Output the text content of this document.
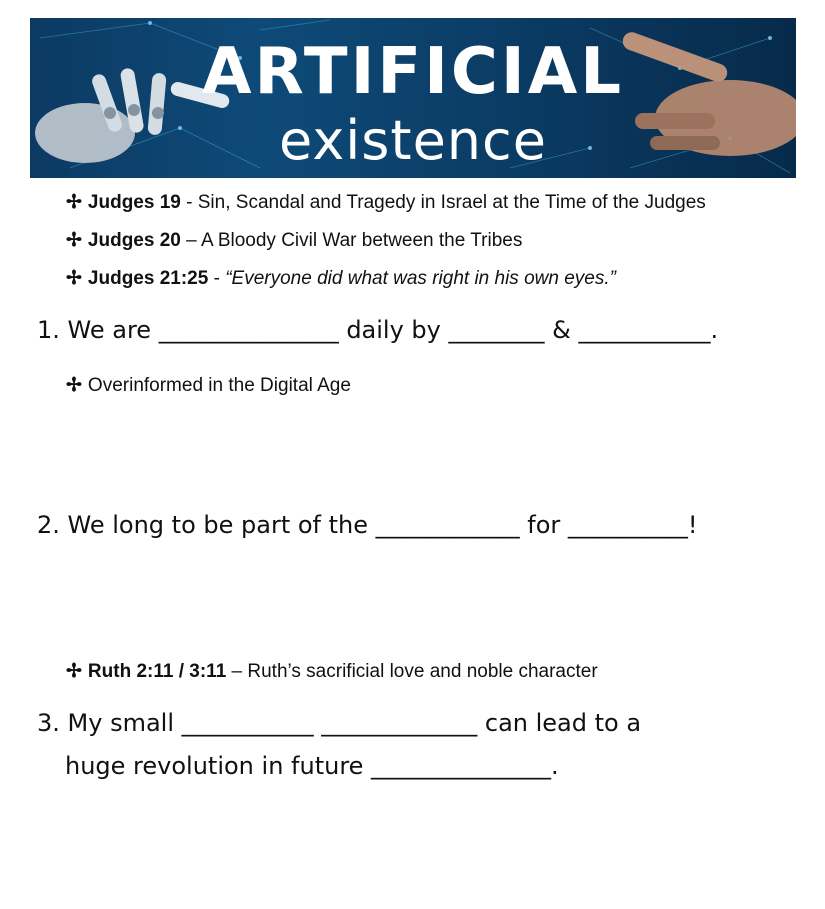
ARTIFICIAL
existence
✢ Judges 19 - Sin, Scandal and Tragedy in Israel at the Time of the Judges
✢ Judges 20 – A Bloody Civil War between the Tribes
✢ Judges 21:25 - “Everyone did what was right in his own eyes.”
1. We are _______________ daily by ________ & ___________.
✢ Overinformed in the Digital Age
2. We long to be part of the ____________ for __________!
✢ Ruth 2:11 / 3:11 – Ruth’s sacrificial love and noble character
3. My small ___________ _____________ can lead to a
huge revolution in future _______________.
